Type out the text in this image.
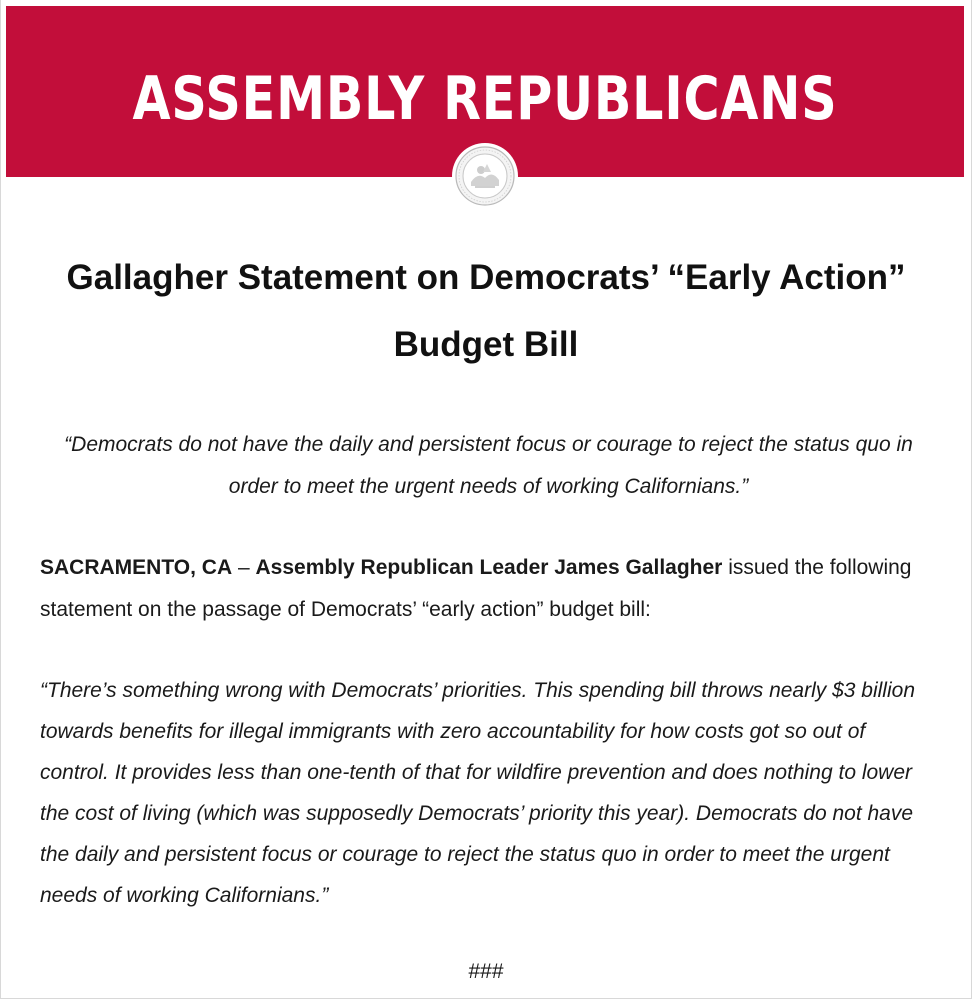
ASSEMBLY REPUBLICANS
Gallagher Statement on Democrats’ “Early Action” Budget Bill

“Democrats do not have the daily and persistent focus or courage to reject the status quo in order to meet the urgent needs of working Californians.”

SACRAMENTO, CA – Assembly Republican Leader James Gallagher issued the following statement on the passage of Democrats’ “early action” budget bill:

“There’s something wrong with Democrats’ priorities. This spending bill throws nearly $3 billion towards benefits for illegal immigrants with zero accountability for how costs got so out of control. It provides less than one-tenth of that for wildfire prevention and does nothing to lower the cost of living (which was supposedly Democrats’ priority this year). Democrats do not have the daily and persistent focus or courage to reject the status quo in order to meet the urgent needs of working Californians.”

###
